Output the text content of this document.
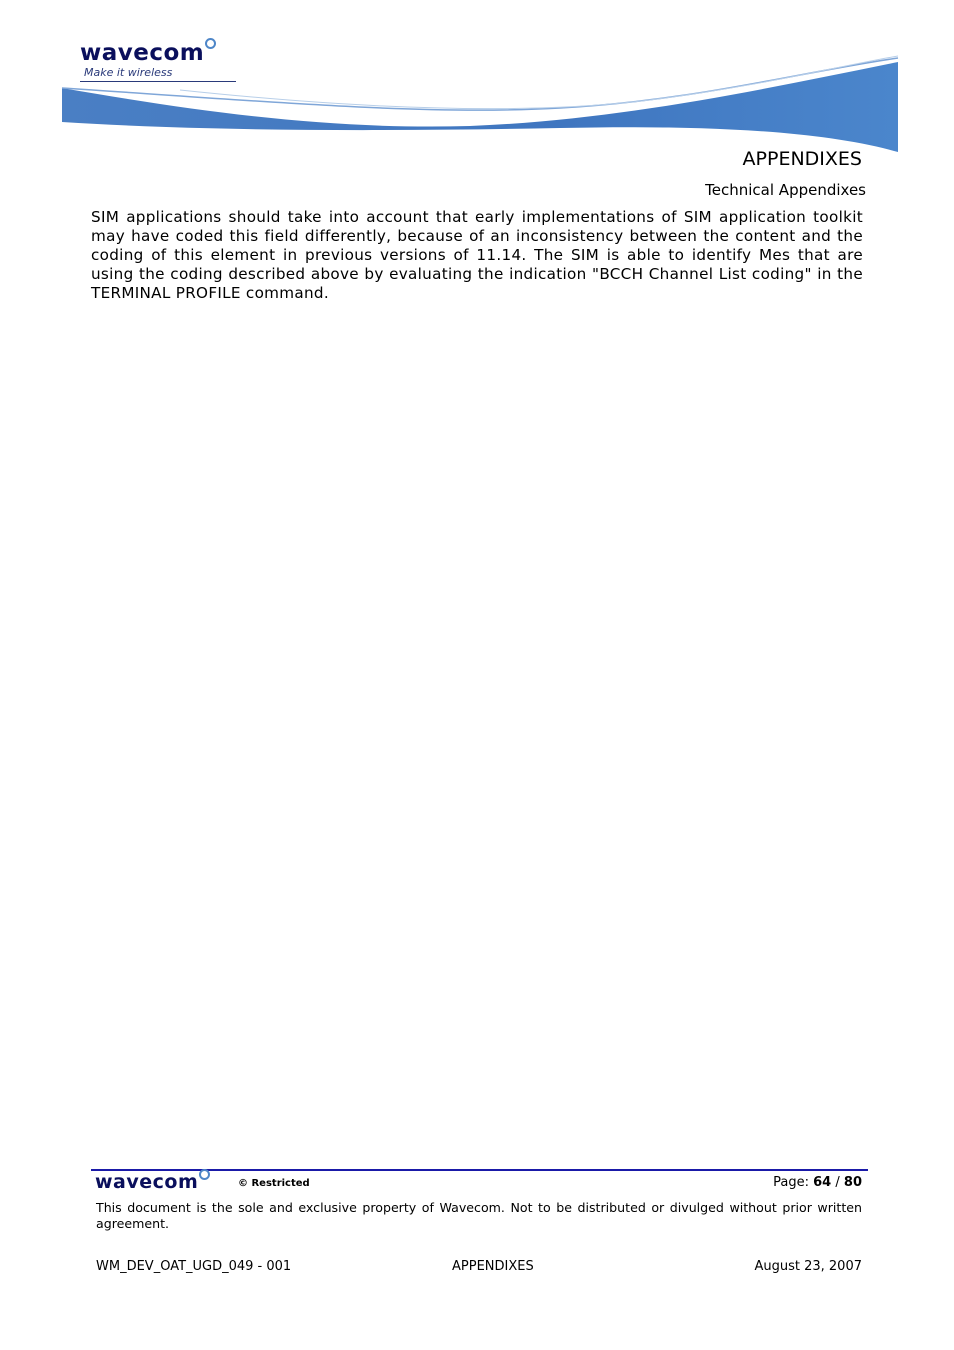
wavecom
Make it wireless
APPENDIXES
Technical Appendixes
SIM applications should take into account that early implementations of SIM application toolkit may have coded this field differently, because of an inconsistency between the content and the coding of this element in previous versions of 11.14. The SIM is able to identify Mes that are using the coding described above by evaluating the indication "BCCH Channel List coding" in the TERMINAL PROFILE command.
wavecom	© Restricted	Page: 64 / 80
This document is the sole and exclusive property of Wavecom. Not to be distributed or divulged without prior written agreement.
WM_DEV_OAT_UGD_049 - 001	APPENDIXES	August 23, 2007
